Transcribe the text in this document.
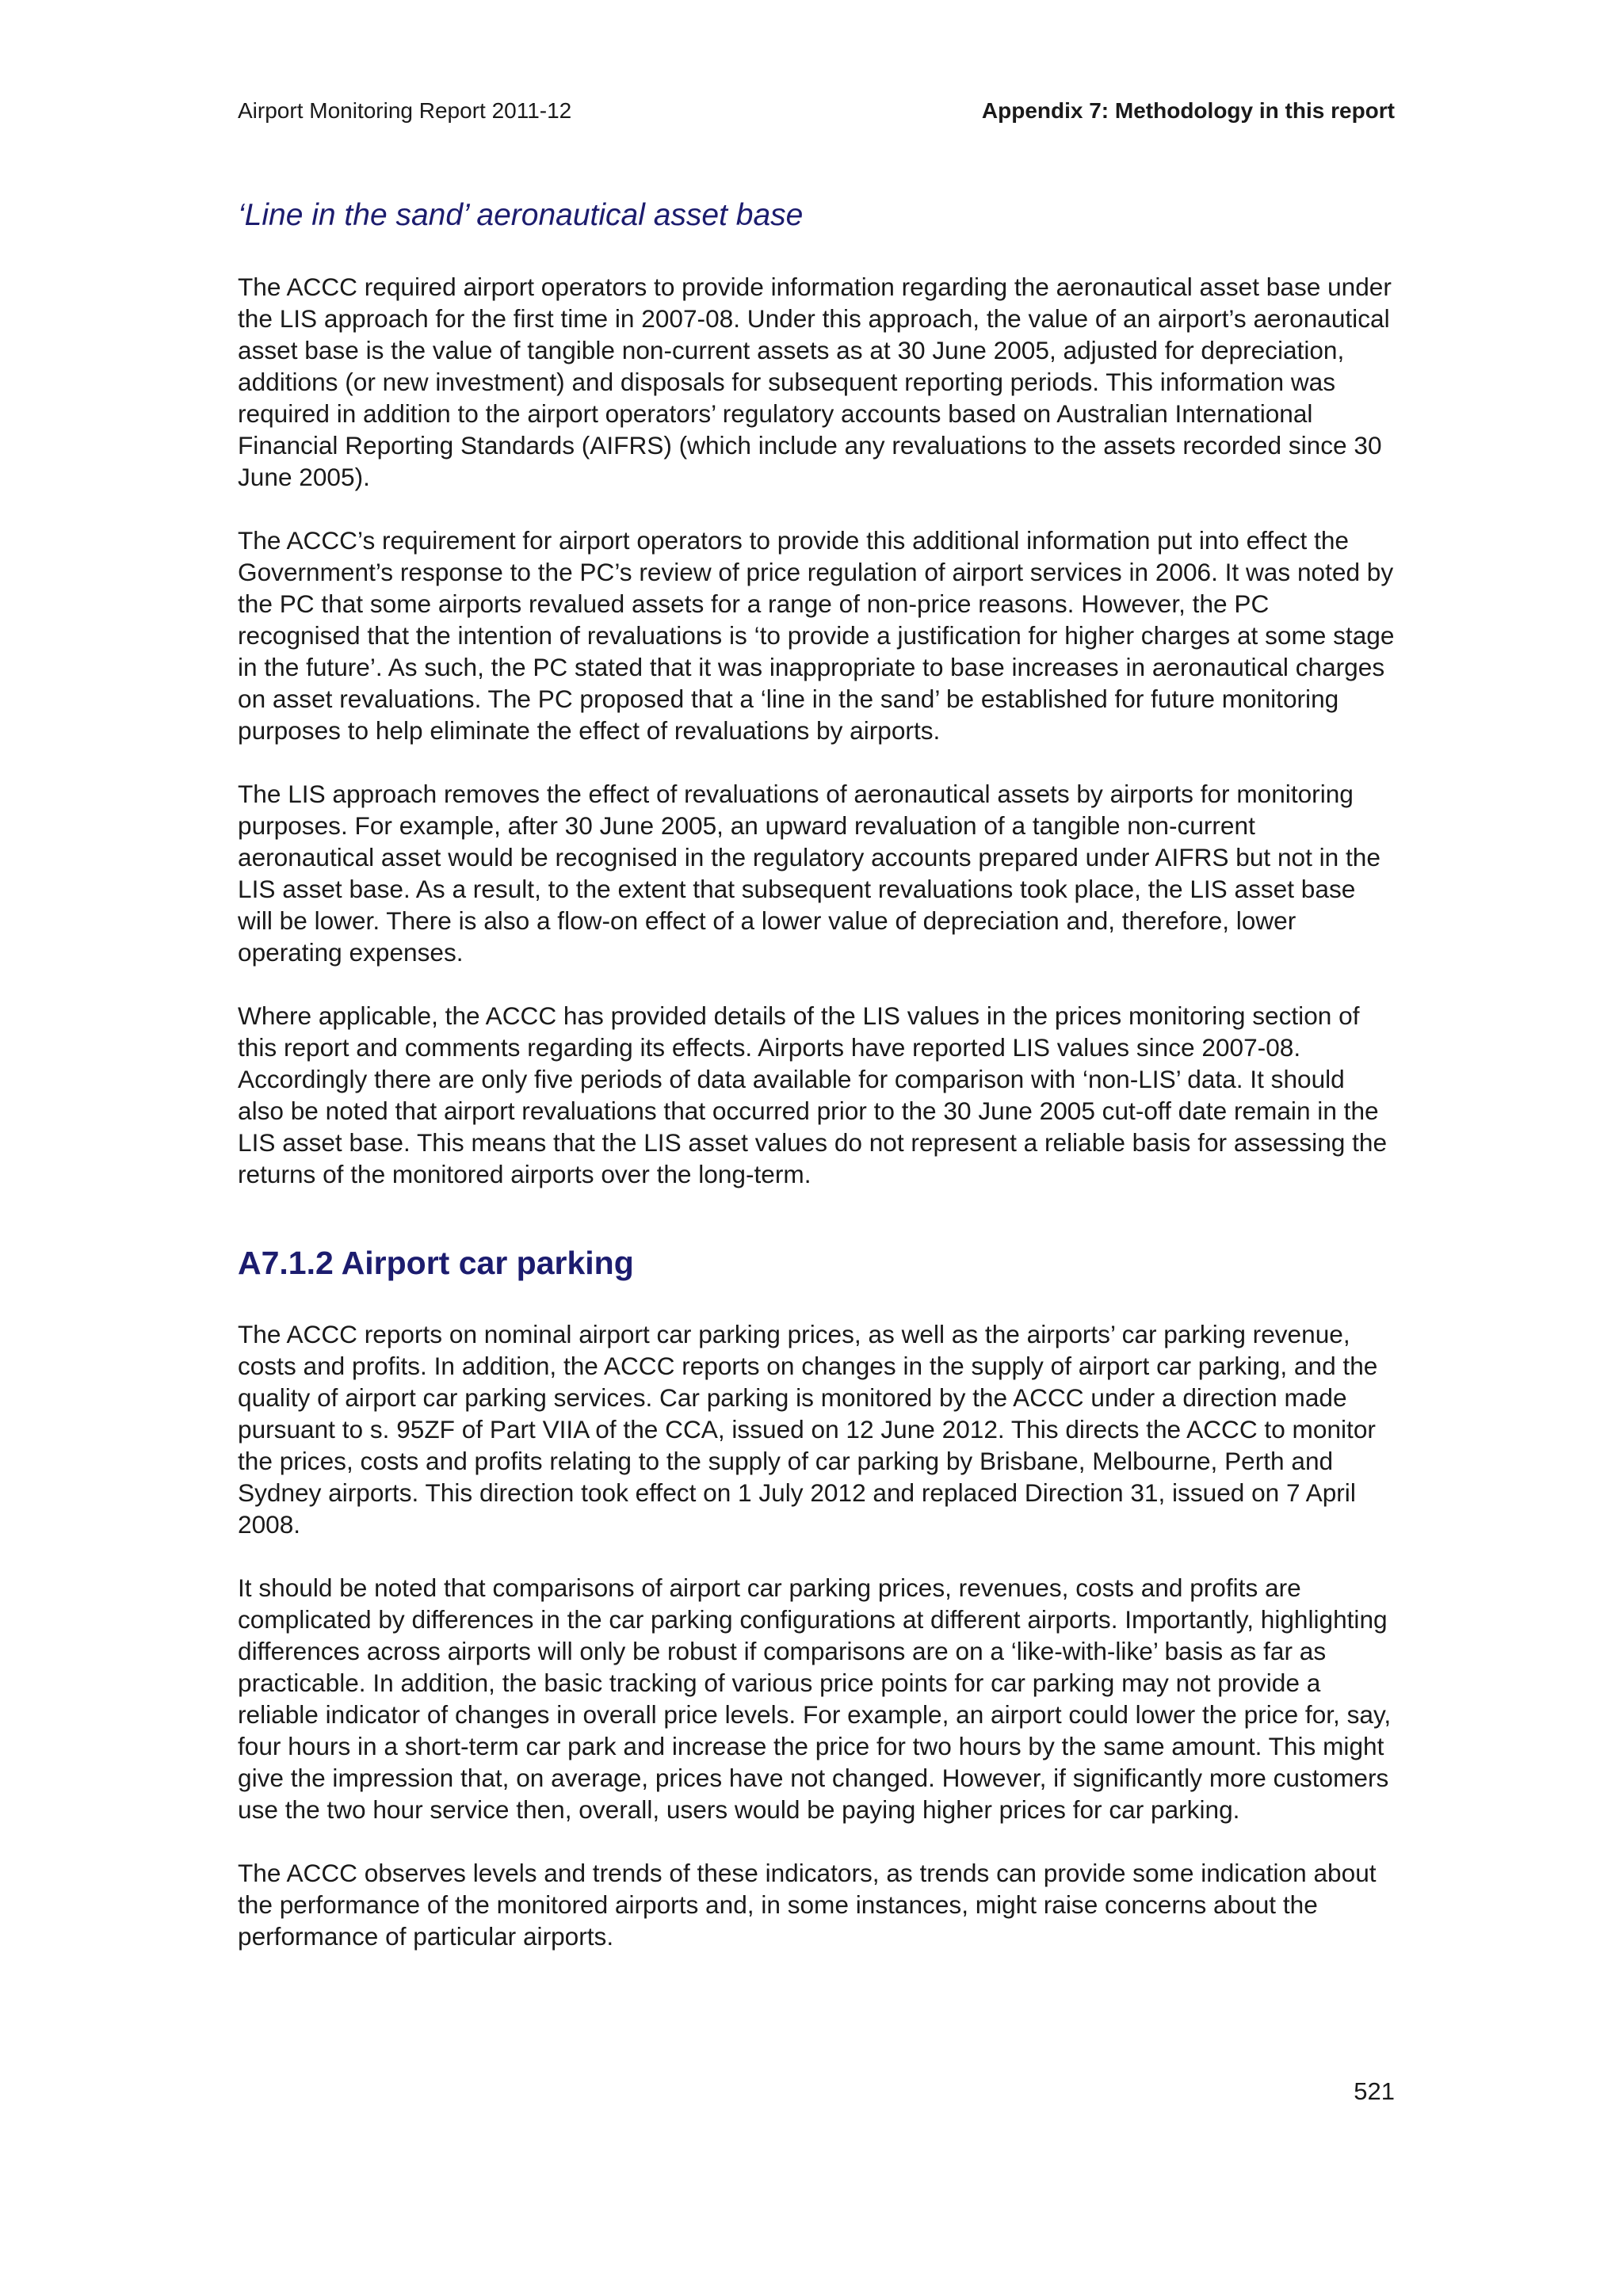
Airport Monitoring Report 2011-12	Appendix 7: Methodology in this report
‘Line in the sand’ aeronautical asset base

The ACCC required airport operators to provide information regarding the aeronautical asset base under the LIS approach for the first time in 2007-08. Under this approach, the value of an airport’s aeronautical asset base is the value of tangible non-current assets as at 30 June 2005, adjusted for depreciation, additions (or new investment) and disposals for subsequent reporting periods. This information was required in addition to the airport operators’ regulatory accounts based on Australian International Financial Reporting Standards (AIFRS) (which include any revaluations to the assets recorded since 30 June 2005).

The ACCC’s requirement for airport operators to provide this additional information put into effect the Government’s response to the PC’s review of price regulation of airport services in 2006. It was noted by the PC that some airports revalued assets for a range of non-price reasons. However, the PC recognised that the intention of revaluations is ‘to provide a justification for higher charges at some stage in the future’. As such, the PC stated that it was inappropriate to base increases in aeronautical charges on asset revaluations. The PC proposed that a ‘line in the sand’ be established for future monitoring purposes to help eliminate the effect of revaluations by airports.

The LIS approach removes the effect of revaluations of aeronautical assets by airports for monitoring purposes. For example, after 30 June 2005, an upward revaluation of a tangible non-current aeronautical asset would be recognised in the regulatory accounts prepared under AIFRS but not in the LIS asset base. As a result, to the extent that subsequent revaluations took place, the LIS asset base will be lower. There is also a flow-on effect of a lower value of depreciation and, therefore, lower operating expenses.

Where applicable, the ACCC has provided details of the LIS values in the prices monitoring section of this report and comments regarding its effects. Airports have reported LIS values since 2007-08. Accordingly there are only five periods of data available for comparison with ‘non-LIS’ data. It should also be noted that airport revaluations that occurred prior to the 30 June 2005 cut-off date remain in the LIS asset base. This means that the LIS asset values do not represent a reliable basis for assessing the returns of the monitored airports over the long-term.

A7.1.2 Airport car parking

The ACCC reports on nominal airport car parking prices, as well as the airports’ car parking revenue, costs and profits. In addition, the ACCC reports on changes in the supply of airport car parking, and the quality of airport car parking services. Car parking is monitored by the ACCC under a direction made pursuant to s. 95ZF of Part VIIA of the CCA, issued on 12 June 2012. This directs the ACCC to monitor the prices, costs and profits relating to the supply of car parking by Brisbane, Melbourne, Perth and Sydney airports. This direction took effect on 1 July 2012 and replaced Direction 31, issued on 7 April 2008.

It should be noted that comparisons of airport car parking prices, revenues, costs and profits are complicated by differences in the car parking configurations at different airports. Importantly, highlighting differences across airports will only be robust if comparisons are on a ‘like-with-like’ basis as far as practicable. In addition, the basic tracking of various price points for car parking may not provide a reliable indicator of changes in overall price levels. For example, an airport could lower the price for, say, four hours in a short-term car park and increase the price for two hours by the same amount. This might give the impression that, on average, prices have not changed. However, if significantly more customers use the two hour service then, overall, users would be paying higher prices for car parking.

The ACCC observes levels and trends of these indicators, as trends can provide some indication about the performance of the monitored airports and, in some instances, might raise concerns about the performance of particular airports.

521
